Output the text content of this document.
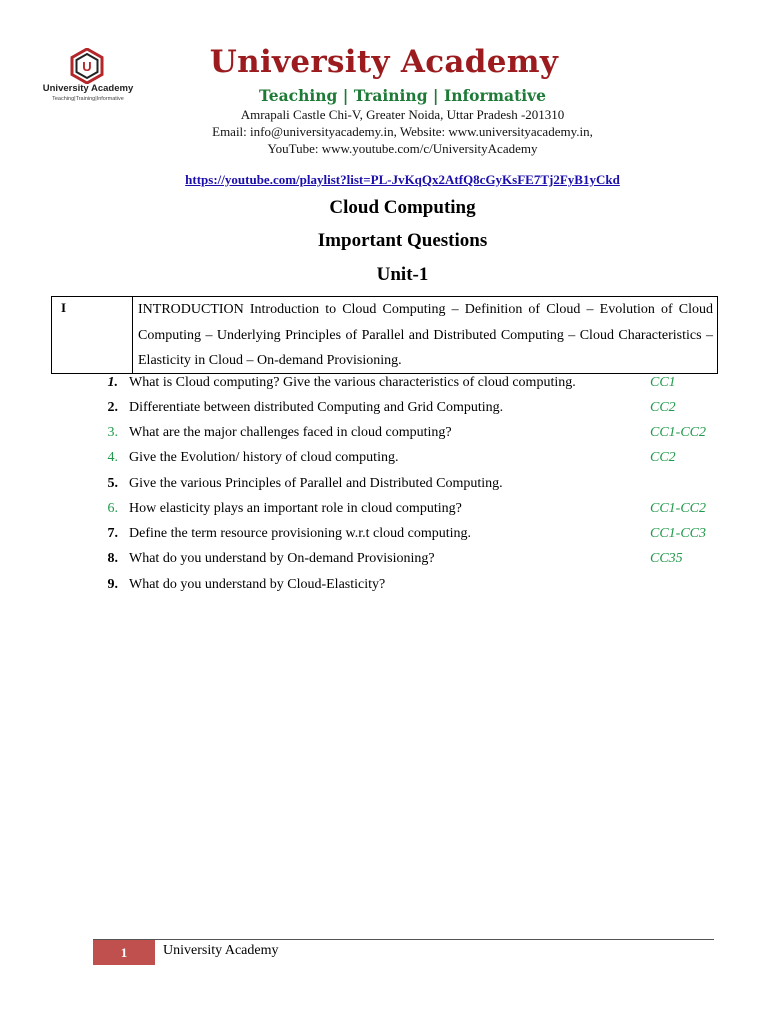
U
University Academy
Teaching|Training|Informative
University Academy
Teaching | Training | Informative
Amrapali Castle Chi-V, Greater Noida, Uttar Pradesh -201310
Email: info@universityacademy.in, Website: www.universityacademy.in,
YouTube: www.youtube.com/c/UniversityAcademy
https://youtube.com/playlist?list=PL-JvKqQx2AtfQ8cGyKsFE7Tj2FyB1yCkd
Cloud Computing
Important Questions
Unit-1
I	INTRODUCTION Introduction to Cloud Computing – Definition of Cloud – Evolution of Cloud Computing – Underlying Principles of Parallel and Distributed Computing – Cloud Characteristics – Elasticity in Cloud – On-demand Provisioning.
1. What is Cloud computing? Give the various characteristics of cloud computing.	CC1
2. Differentiate between distributed Computing and Grid Computing.	CC2
3. What are the major challenges faced in cloud computing?	CC1-CC2
4. Give the Evolution/ history of cloud computing.	CC2
5. Give the various Principles of Parallel and Distributed Computing.
6. How elasticity plays an important role in cloud computing?	CC1-CC2
7. Define the term resource provisioning w.r.t cloud computing.	CC1-CC3
8. What do you understand by On-demand Provisioning?	CC35
9. What do you understand by Cloud-Elasticity?
1	University Academy
